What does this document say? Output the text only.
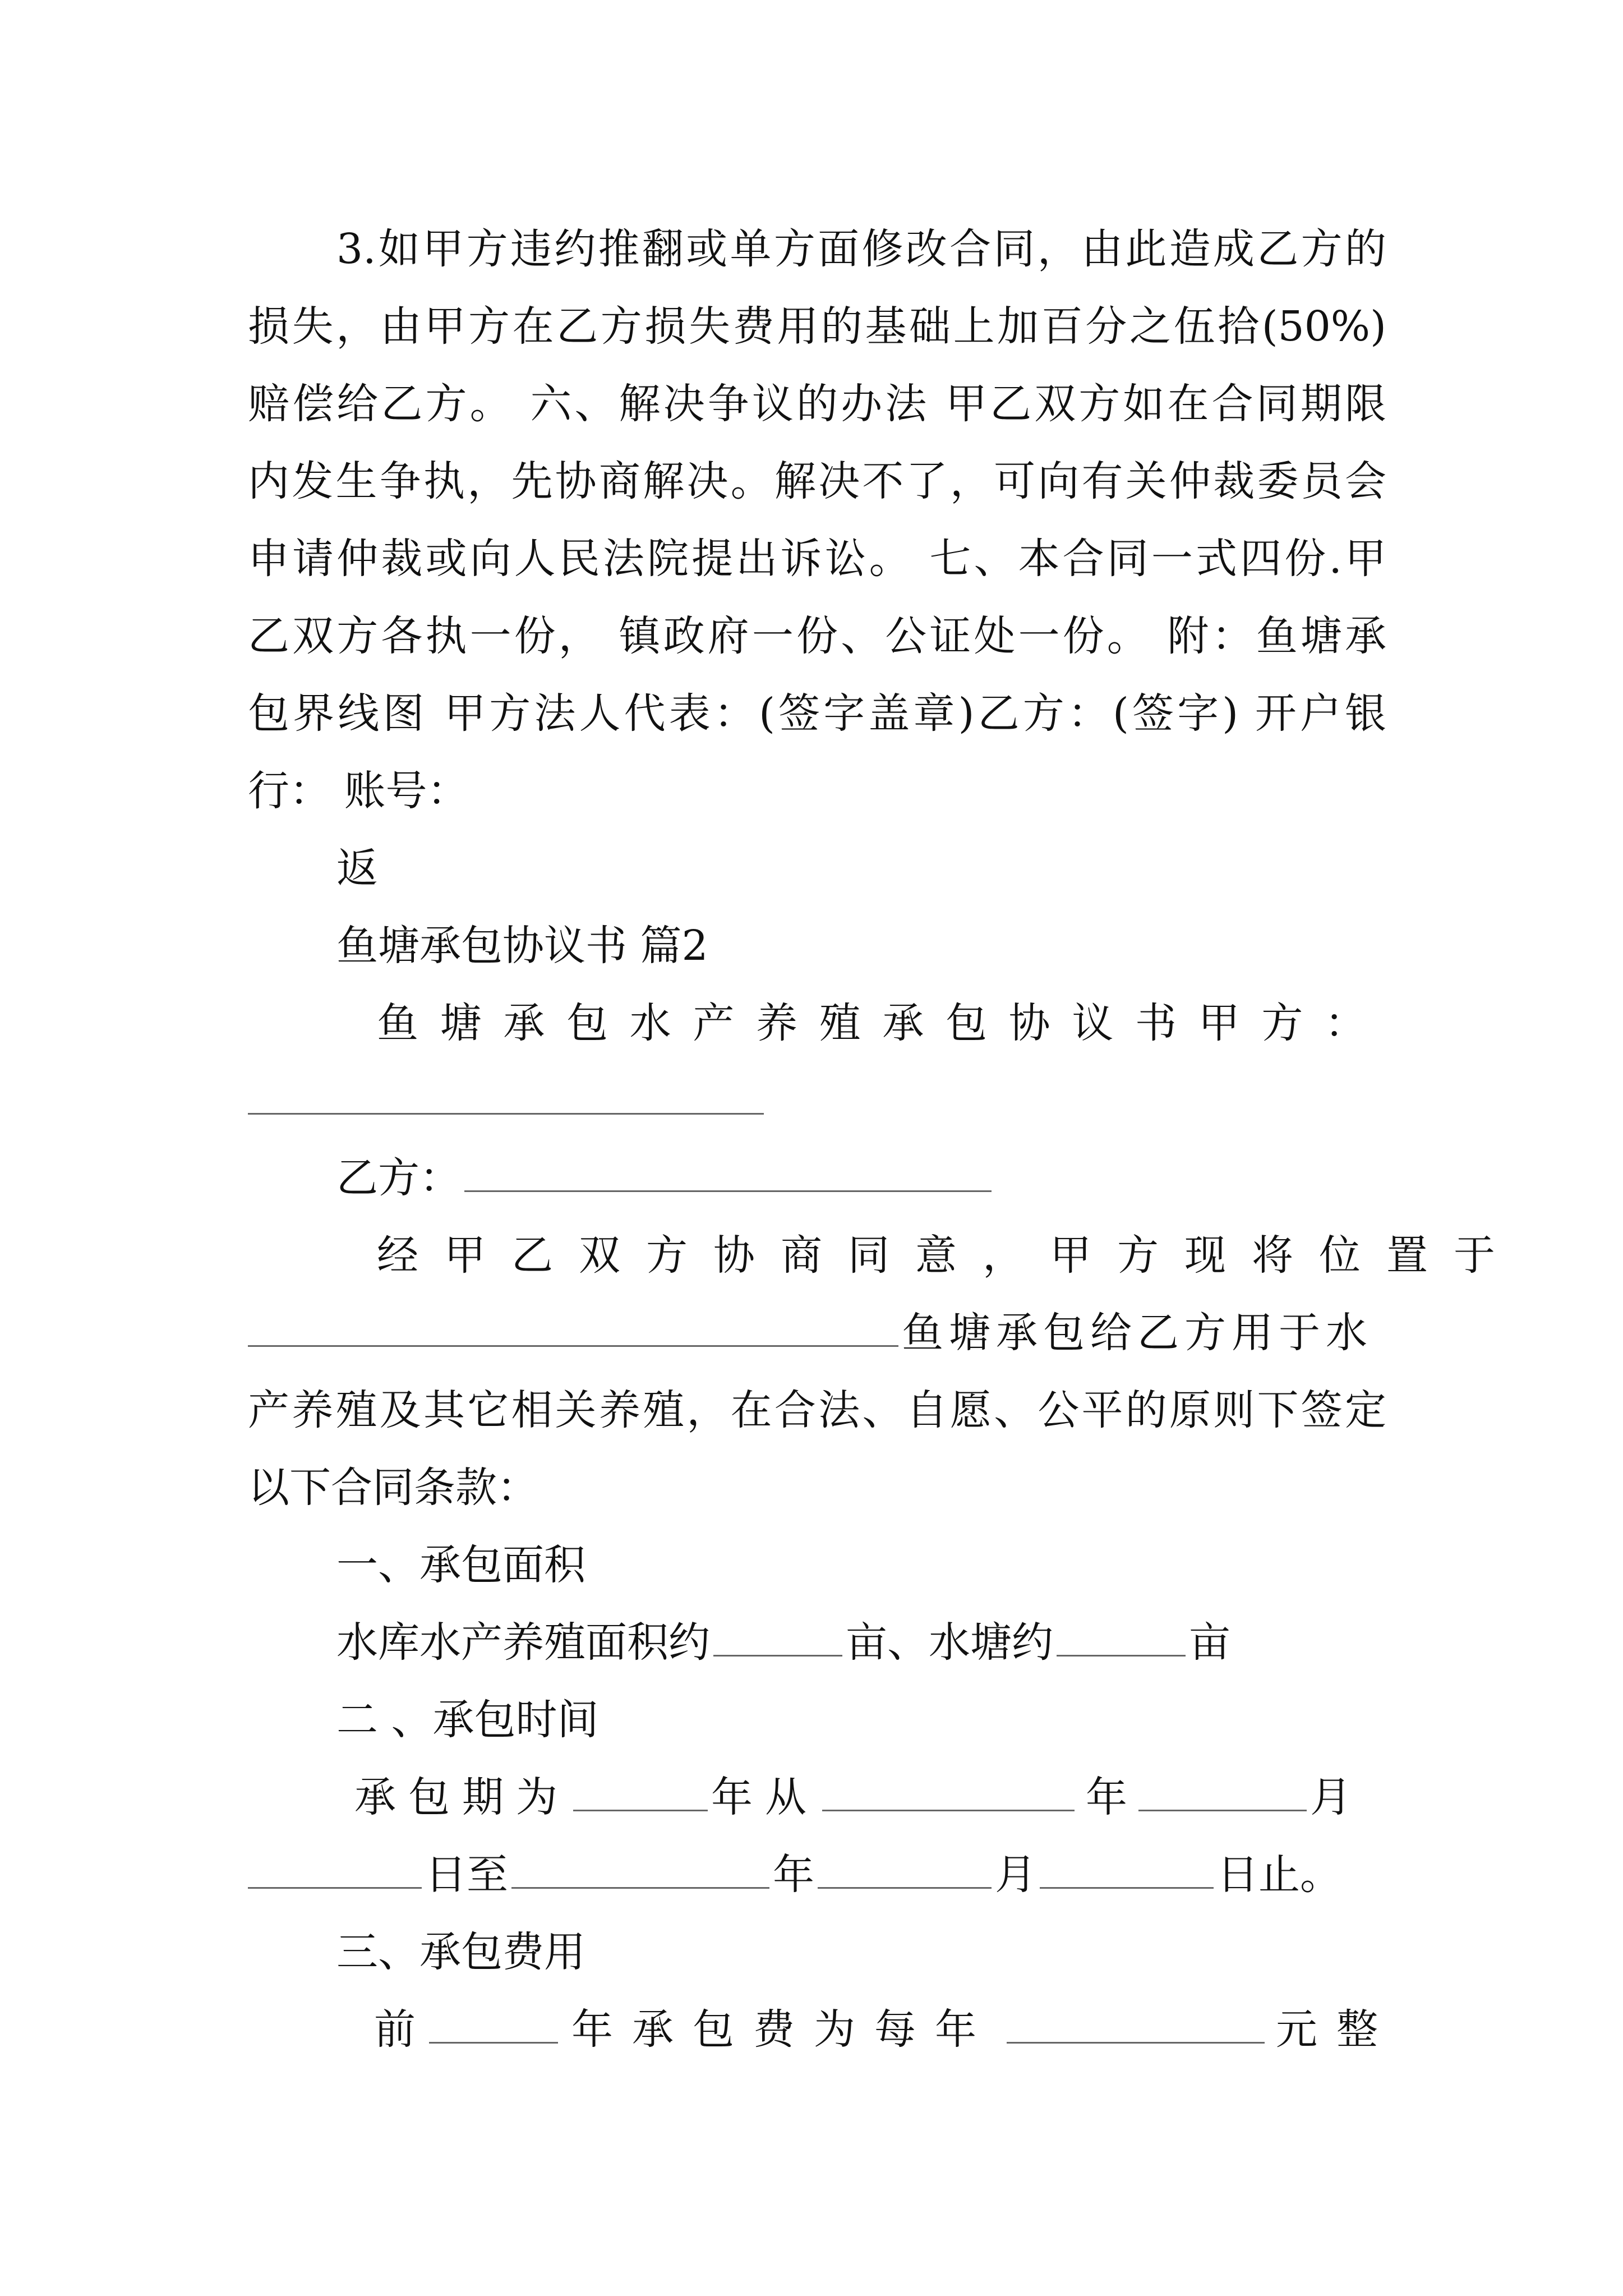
3.如甲方违约推翻或单方面修改合同，由此造成乙方的
损失，由甲方在乙方损失费用的基础上加百分之伍拾(50%)
赔偿给乙方。 六、解决争议的办法 甲乙双方如在合同期限
内发生争执，先协商解决。解决不了，可向有关仲裁委员会
申请仲裁或向人民法院提出诉讼。 七、本合同一式四份.甲
乙双方各执一份， 镇政府一份、公证处一份。 附：鱼塘承
包界线图 甲方法人代表：(签字盖章)乙方：(签字) 开户银
行： 账号：
返
鱼塘承包协议书 篇2
鱼塘承包水产养殖承包协议书甲方：
乙方：
经甲乙双方协商同意，甲方现将位置于
鱼塘承包给乙方用于水
产养殖及其它相关养殖，在合法、自愿、公平的原则下签定
以下合同条款：
一、承包面积
水库水产养殖面积约	亩、水塘约	亩
二 、承包时间
承包期为	年从	年	月
日至	年	月	日止。
三、承包费用
前	年承包费为每年	元整
